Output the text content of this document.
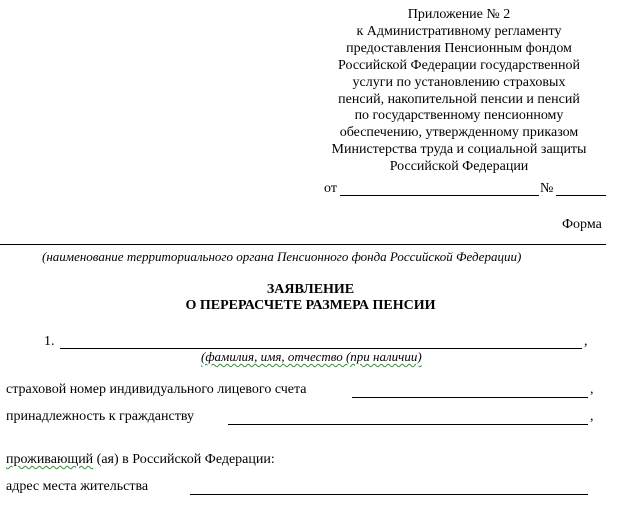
Приложение № 2
к Административному регламенту
предоставления Пенсионным фондом
Российской Федерации государственной
услуги по установлению страховых
пенсий, накопительной пенсии и пенсий
по государственному пенсионному
обеспечению, утвержденному приказом
Министерства труда и социальной защиты
Российской Федерации
от	№
Форма
(наименование территориального органа Пенсионного фонда Российской Федерации)
ЗАЯВЛЕНИЕ
О ПЕРЕРАСЧЕТЕ РАЗМЕРА ПЕНСИИ
1.	,
(фамилия, имя, отчество (при наличии)
страховой номер индивидуального лицевого счета	,
принадлежность к гражданству	,
проживающий (ая) в Российской Федерации:
адрес места жительства
